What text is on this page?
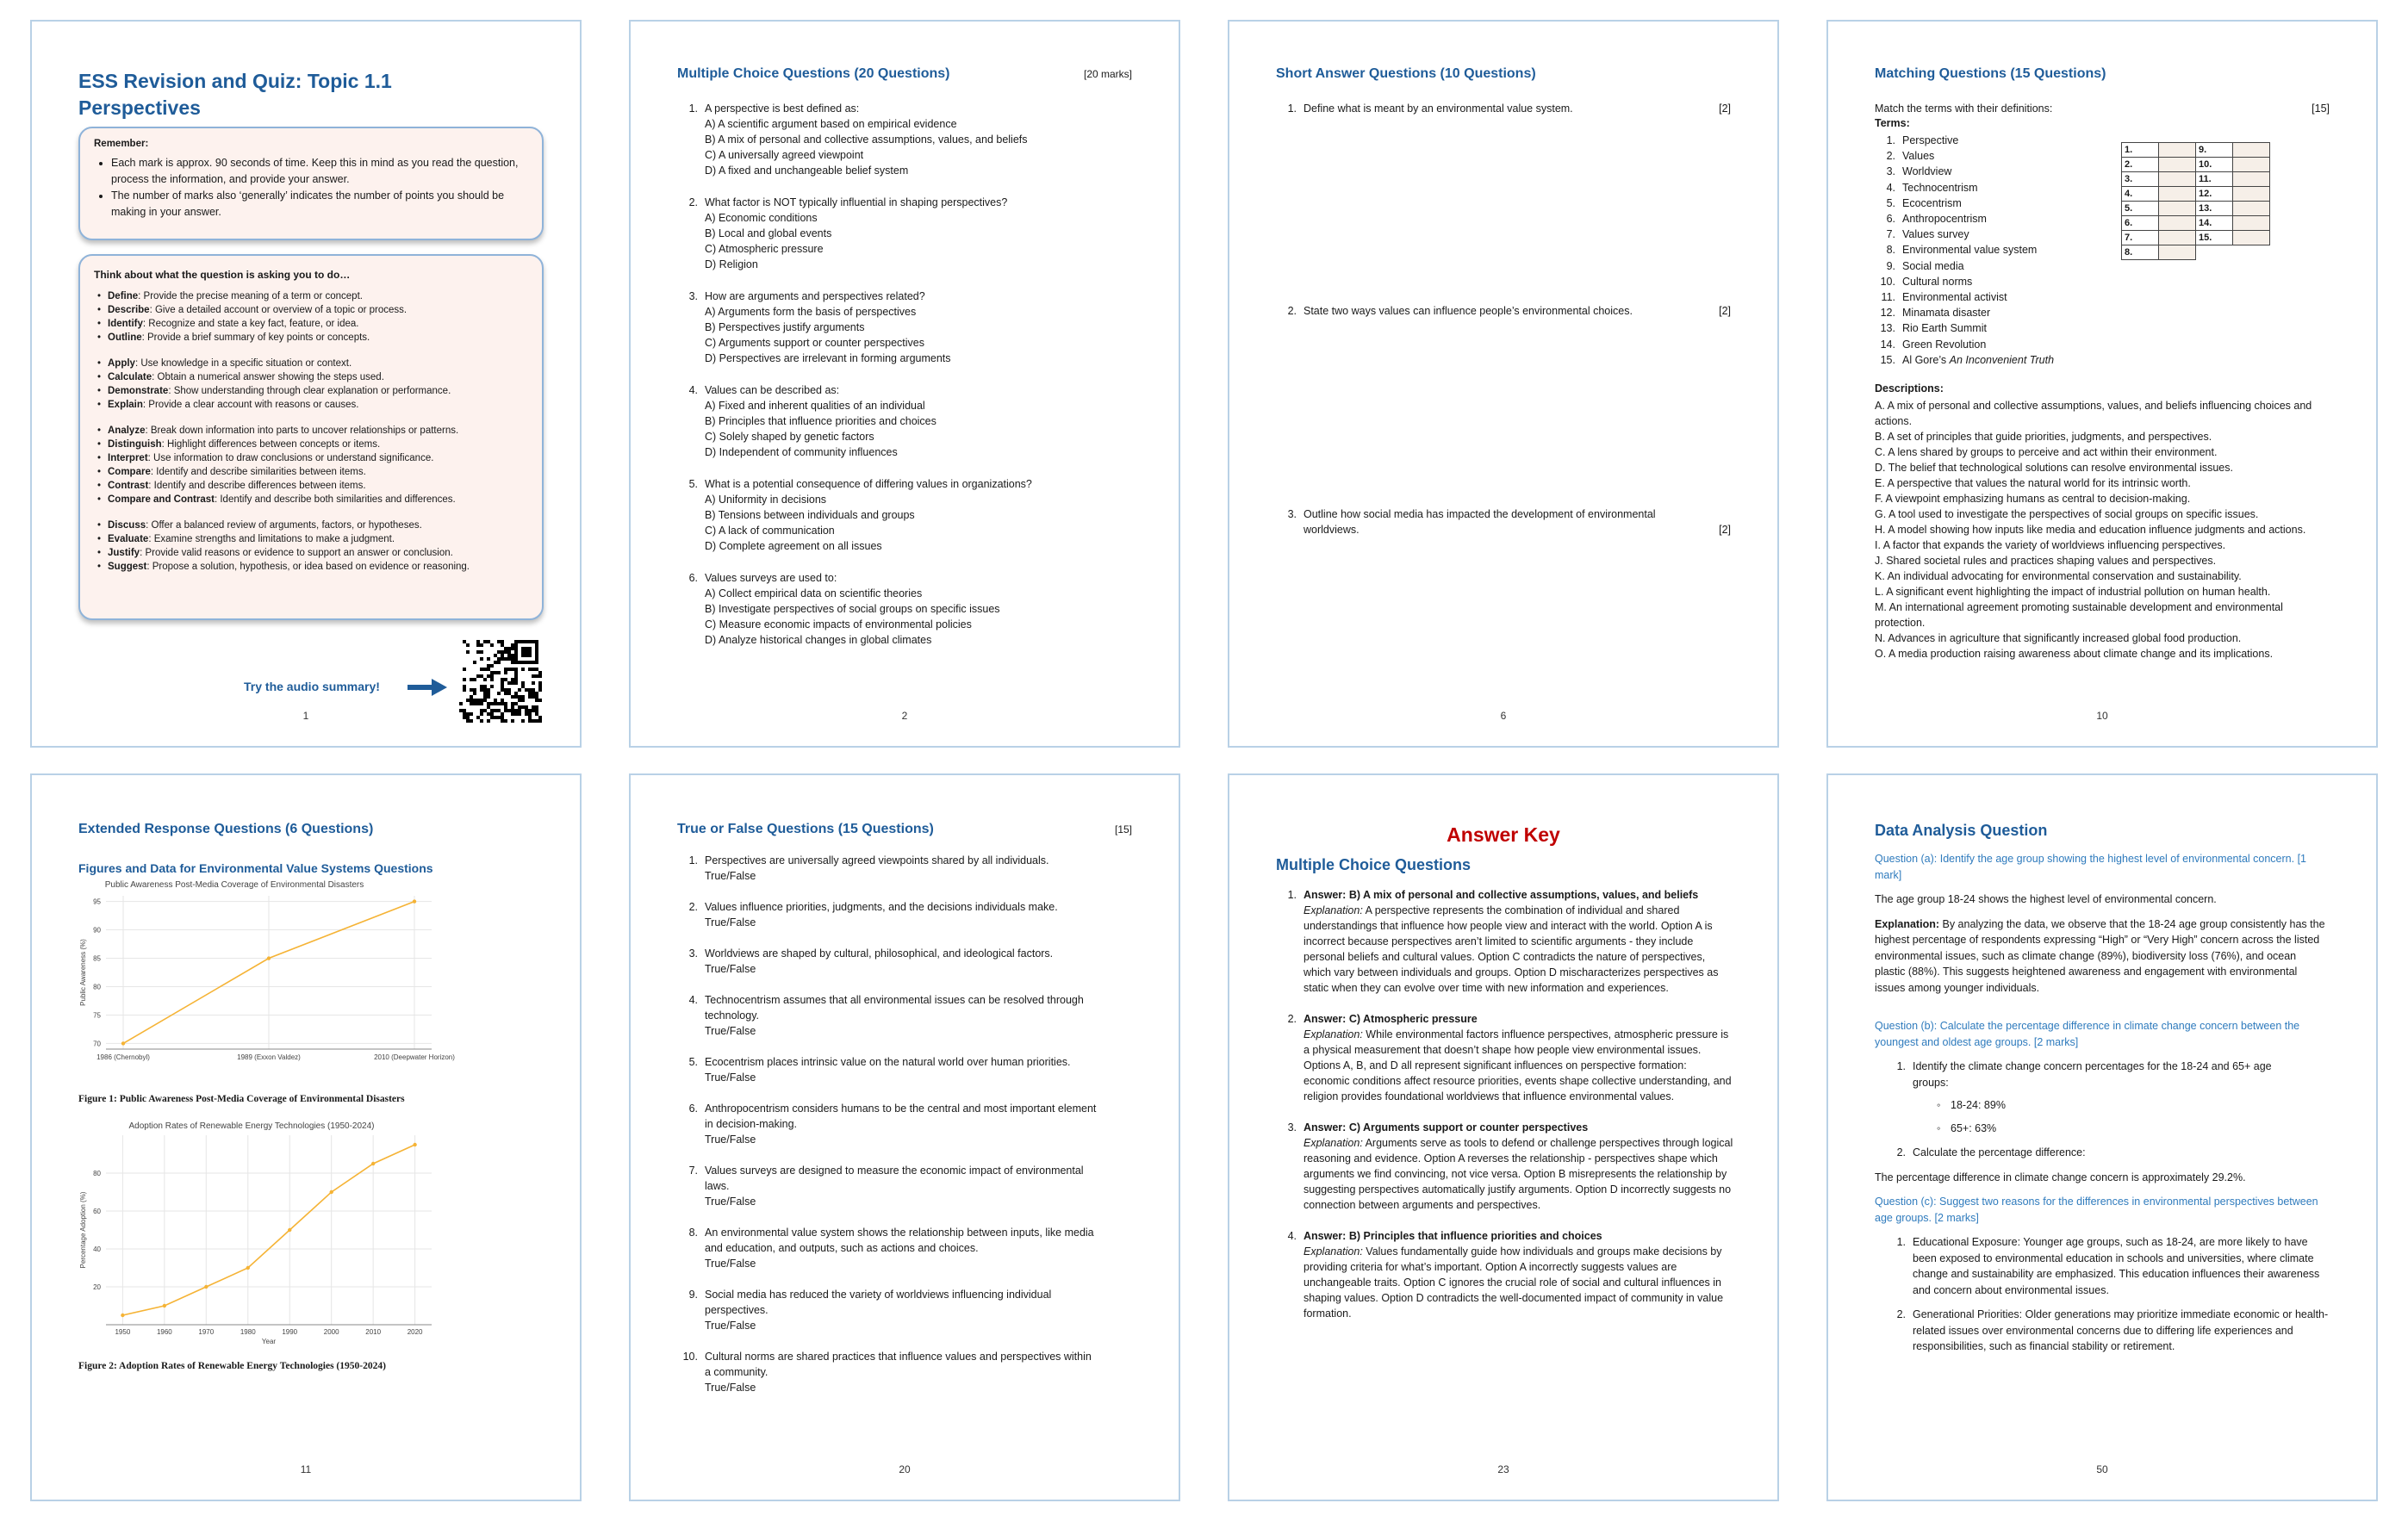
ESS Revision and Quiz: Topic 1.1
Perspectives
Remember:
• Each mark is approx. 90 seconds of time. Keep this in mind as you read the question, process the information, and provide your answer.
• The number of marks also ‘generally’ indicates the number of points you should be making in your answer.
Think about what the question is asking you to do…
• Define: Provide the precise meaning of a term or concept.
• Describe: Give a detailed account or overview of a topic or process.
• Identify: Recognize and state a key fact, feature, or idea.
• Outline: Provide a brief summary of key points or concepts.
• Apply: Use knowledge in a specific situation or context.
• Calculate: Obtain a numerical answer showing the steps used.
• Demonstrate: Show understanding through clear explanation or performance.
• Explain: Provide a clear account with reasons or causes.
• Analyze: Break down information into parts to uncover relationships or patterns.
• Distinguish: Highlight differences between concepts or items.
• Interpret: Use information to draw conclusions or understand significance.
• Compare: Identify and describe similarities between items.
• Contrast: Identify and describe differences between items.
• Compare and Contrast: Identify and describe both similarities and differences.
• Discuss: Offer a balanced review of arguments, factors, or hypotheses.
• Evaluate: Examine strengths and limitations to make a judgment.
• Justify: Provide valid reasons or evidence to support an answer or conclusion.
• Suggest: Propose a solution, hypothesis, or idea based on evidence or reasoning.
Try the audio summary!
1
Multiple Choice Questions (20 Questions)	[20 marks]
1. A perspective is best defined as:
A) A scientific argument based on empirical evidence
B) A mix of personal and collective assumptions, values, and beliefs
C) A universally agreed viewpoint
D) A fixed and unchangeable belief system
2. What factor is NOT typically influential in shaping perspectives?
A) Economic conditions
B) Local and global events
C) Atmospheric pressure
D) Religion
3. How are arguments and perspectives related?
A) Arguments form the basis of perspectives
B) Perspectives justify arguments
C) Arguments support or counter perspectives
D) Perspectives are irrelevant in forming arguments
4. Values can be described as:
A) Fixed and inherent qualities of an individual
B) Principles that influence priorities and choices
C) Solely shaped by genetic factors
D) Independent of community influences
5. What is a potential consequence of differing values in organizations?
A) Uniformity in decisions
B) Tensions between individuals and groups
C) A lack of communication
D) Complete agreement on all issues
6. Values surveys are used to:
A) Collect empirical data on scientific theories
B) Investigate perspectives of social groups on specific issues
C) Measure economic impacts of environmental policies
D) Analyze historical changes in global climates
2
Short Answer Questions (10 Questions)
1. Define what is meant by an environmental value system.	[2]
2. State two ways values can influence people’s environmental choices.	[2]
3. Outline how social media has impacted the development of environmental worldviews.	[2]
6
Matching Questions (15 Questions)
Match the terms with their definitions:	[15]
Terms:
1. Perspective
2. Values
3. Worldview
4. Technocentrism
5. Ecocentrism
6. Anthropocentrism
7. Values survey
8. Environmental value system
9. Social media
10. Cultural norms
11. Environmental activist
12. Minamata disaster
13. Rio Earth Summit
14. Green Revolution
15. Al Gore’s An Inconvenient Truth
1.		9.	
2.		10.	
3.		11.	
4.		12.	
5.		13.	
6.		14.	
7.		15.	
8.			
Descriptions:
A. A mix of personal and collective assumptions, values, and beliefs influencing choices and actions.
B. A set of principles that guide priorities, judgments, and perspectives.
C. A lens shared by groups to perceive and act within their environment.
D. The belief that technological solutions can resolve environmental issues.
E. A perspective that values the natural world for its intrinsic worth.
F. A viewpoint emphasizing humans as central to decision-making.
G. A tool used to investigate the perspectives of social groups on specific issues.
H. A model showing how inputs like media and education influence judgments and actions.
I. A factor that expands the variety of worldviews influencing perspectives.
J. Shared societal rules and practices shaping values and perspectives.
K. An individual advocating for environmental conservation and sustainability.
L. A significant event highlighting the impact of industrial pollution on human health.
M. An international agreement promoting sustainable development and environmental protection.
N. Advances in agriculture that significantly increased global food production.
O. A media production raising awareness about climate change and its implications.
10
Extended Response Questions (6 Questions)
Figures and Data for Environmental Value Systems Questions
Public Awareness Post-Media Coverage of Environmental Disasters
70
75
80
85
90
95
1986 (Chernobyl)	1989 (Exxon Valdez)	2010 (Deepwater Horizon)
Public Awareness (%)
Figure 1: Public Awareness Post-Media Coverage of Environmental Disasters
Adoption Rates of Renewable Energy Technologies (1950-2024)
20
40
60
80
1950	1960	1970	1980	1990	2000	2010	2020
Year
Percentage Adoption (%)
Figure 2: Adoption Rates of Renewable Energy Technologies (1950-2024)
11
True or False Questions (15 Questions)	[15]
1. Perspectives are universally agreed viewpoints shared by all individuals.
True/False
2. Values influence priorities, judgments, and the decisions individuals make.
True/False
3. Worldviews are shaped by cultural, philosophical, and ideological factors.
True/False
4. Technocentrism assumes that all environmental issues can be resolved through technology.
True/False
5. Ecocentrism places intrinsic value on the natural world over human priorities.
True/False
6. Anthropocentrism considers humans to be the central and most important element in decision-making.
True/False
7. Values surveys are designed to measure the economic impact of environmental laws.
True/False
8. An environmental value system shows the relationship between inputs, like media and education, and outputs, such as actions and choices.
True/False
9. Social media has reduced the variety of worldviews influencing individual perspectives.
True/False
10. Cultural norms are shared practices that influence values and perspectives within a community.
True/False
20
Answer Key
Multiple Choice Questions
1. Answer: B) A mix of personal and collective assumptions, values, and beliefs
Explanation: A perspective represents the combination of individual and shared understandings that influence how people view and interact with the world. Option A is incorrect because perspectives aren’t limited to scientific arguments - they include personal beliefs and cultural values. Option C contradicts the nature of perspectives, which vary between individuals and groups. Option D mischaracterizes perspectives as static when they can evolve over time with new information and experiences.
2. Answer: C) Atmospheric pressure
Explanation: While environmental factors influence perspectives, atmospheric pressure is a physical measurement that doesn’t shape how people view environmental issues. Options A, B, and D all represent significant influences on perspective formation: economic conditions affect resource priorities, events shape collective understanding, and religion provides foundational worldviews that influence environmental values.
3. Answer: C) Arguments support or counter perspectives
Explanation: Arguments serve as tools to defend or challenge perspectives through logical reasoning and evidence. Option A reverses the relationship - perspectives shape which arguments we find convincing, not vice versa. Option B misrepresents the relationship by suggesting perspectives automatically justify arguments. Option D incorrectly suggests no connection between arguments and perspectives.
4. Answer: B) Principles that influence priorities and choices
Explanation: Values fundamentally guide how individuals and groups make decisions by providing criteria for what’s important. Option A incorrectly suggests values are unchangeable traits. Option C ignores the crucial role of social and cultural influences in shaping values. Option D contradicts the well-documented impact of community in value formation.
23
Data Analysis Question
Question (a): Identify the age group showing the highest level of environmental concern. [1 mark]
The age group 18-24 shows the highest level of environmental concern.
Explanation: By analyzing the data, we observe that the 18-24 age group consistently has the highest percentage of respondents expressing “High” or “Very High” concern across the listed environmental issues, such as climate change (89%), biodiversity loss (76%), and ocean plastic (88%). This suggests heightened awareness and engagement with environmental issues among younger individuals.
Question (b): Calculate the percentage difference in climate change concern between the youngest and oldest age groups. [2 marks]
1. Identify the climate change concern percentages for the 18-24 and 65+ age groups:
◦ 18-24: 89%
◦ 65+: 63%
2. Calculate the percentage difference:
The percentage difference in climate change concern is approximately 29.2%.
Question (c): Suggest two reasons for the differences in environmental perspectives between age groups. [2 marks]
1. Educational Exposure: Younger age groups, such as 18-24, are more likely to have been exposed to environmental education in schools and universities, where climate change and sustainability are emphasized. This education influences their awareness and concern about environmental issues.
2. Generational Priorities: Older generations may prioritize immediate economic or health-related issues over environmental concerns due to differing life experiences and responsibilities, such as financial stability or retirement.
50
